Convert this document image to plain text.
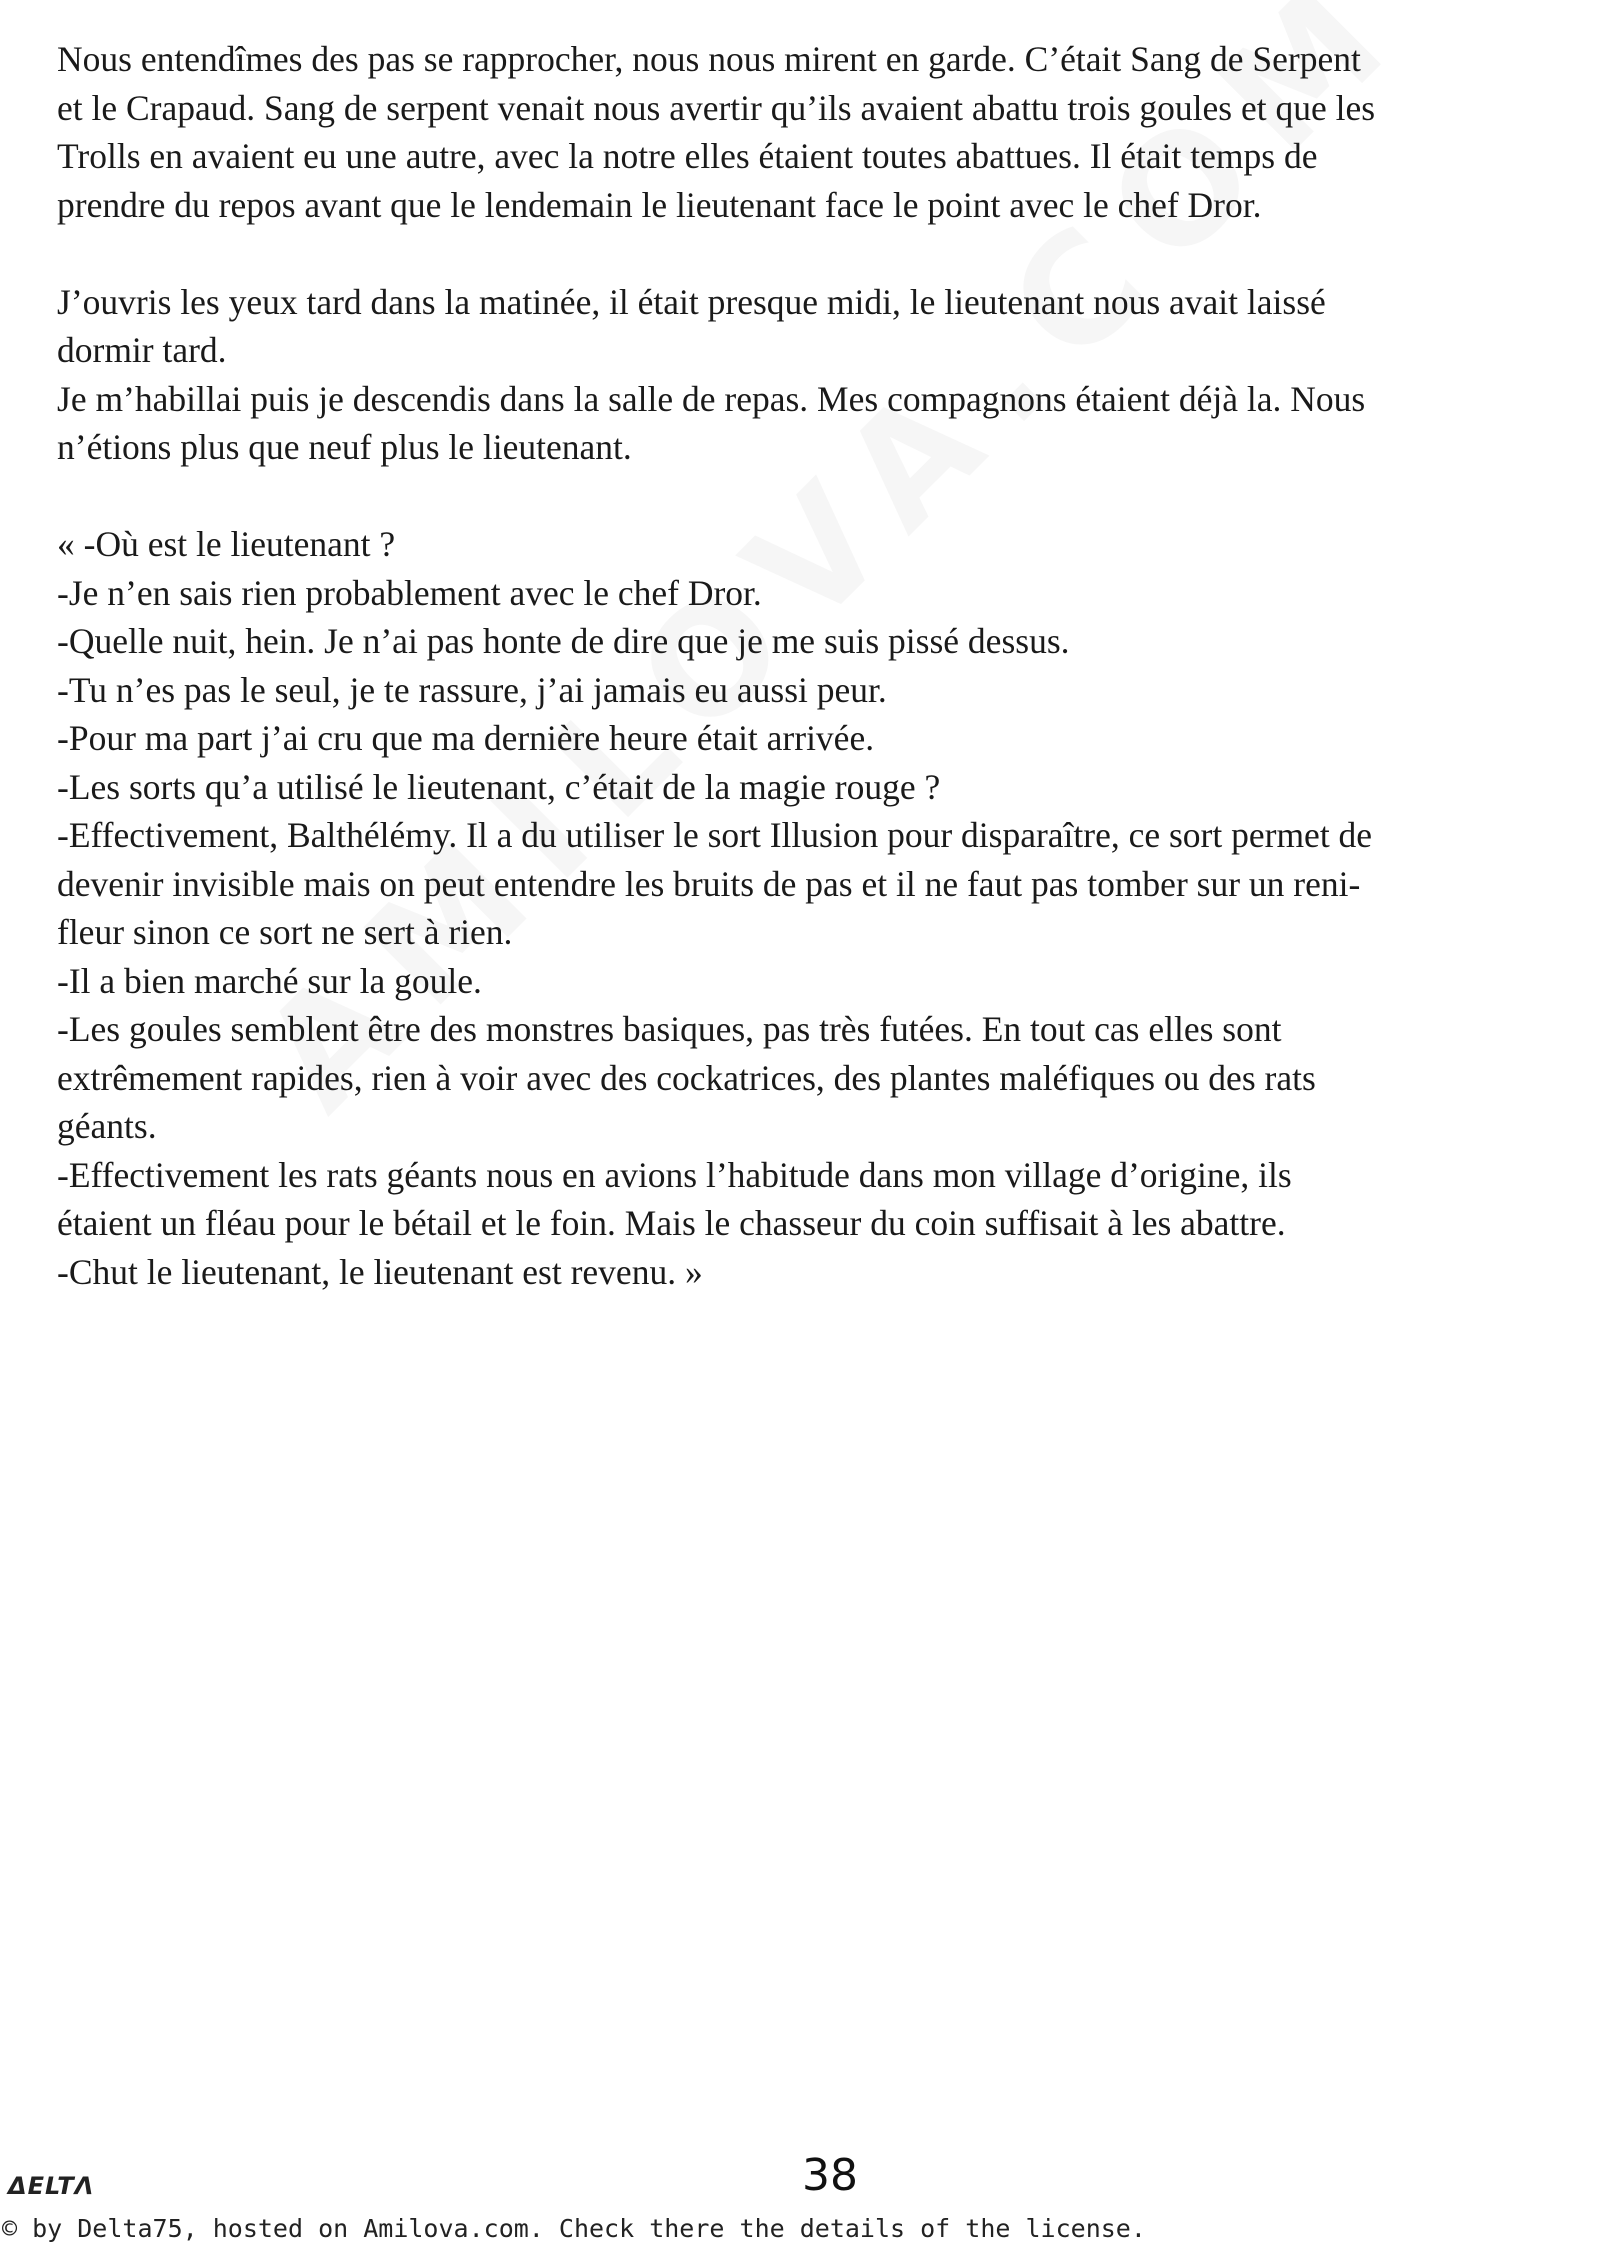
Nous entendîmes des pas se rapprocher, nous nous mirent en garde. C’était Sang de Serpent
et le Crapaud. Sang de serpent venait nous avertir qu’ils avaient abattu trois goules et que les
Trolls en avaient eu une autre, avec la notre elles étaient toutes abattues. Il était temps de
prendre du repos avant que le lendemain le lieutenant face le point avec le chef Dror.

J’ouvris les yeux tard dans la matinée, il était presque midi, le lieutenant nous avait laissé
dormir tard.
Je m’habillai puis je descendis dans la salle de repas. Mes compagnons étaient déjà la. Nous
n’étions plus que neuf plus le lieutenant.

« -Où est le lieutenant ?
-Je n’en sais rien probablement avec le chef Dror.
-Quelle nuit, hein. Je n’ai pas honte de dire que je me suis pissé dessus.
-Tu n’es pas le seul, je te rassure, j’ai jamais eu aussi peur.
-Pour ma part j’ai cru que ma dernière heure était arrivée.
-Les sorts qu’a utilisé le lieutenant, c’était de la magie rouge ?
-Effectivement, Balthélémy. Il a du utiliser le sort Illusion pour disparaître, ce sort permet de
devenir invisible mais on peut entendre les bruits de pas et il ne faut pas tomber sur un reni-
fleur sinon ce sort ne sert à rien.
-Il a bien marché sur la goule.
-Les goules semblent être des monstres basiques, pas très futées. En tout cas elles sont
extrêmement rapides, rien à voir avec des cockatrices, des plantes maléfiques ou des rats
géants.
-Effectivement les rats géants nous en avions l’habitude dans mon village d’origine, ils
étaient un fléau pour le bétail et le foin. Mais le chasseur du coin suffisait à les abattre.
-Chut le lieutenant, le lieutenant est revenu. »

ΔELTΛ	38
© by Delta75, hosted on Amilova.com. Check there the details of the license.
